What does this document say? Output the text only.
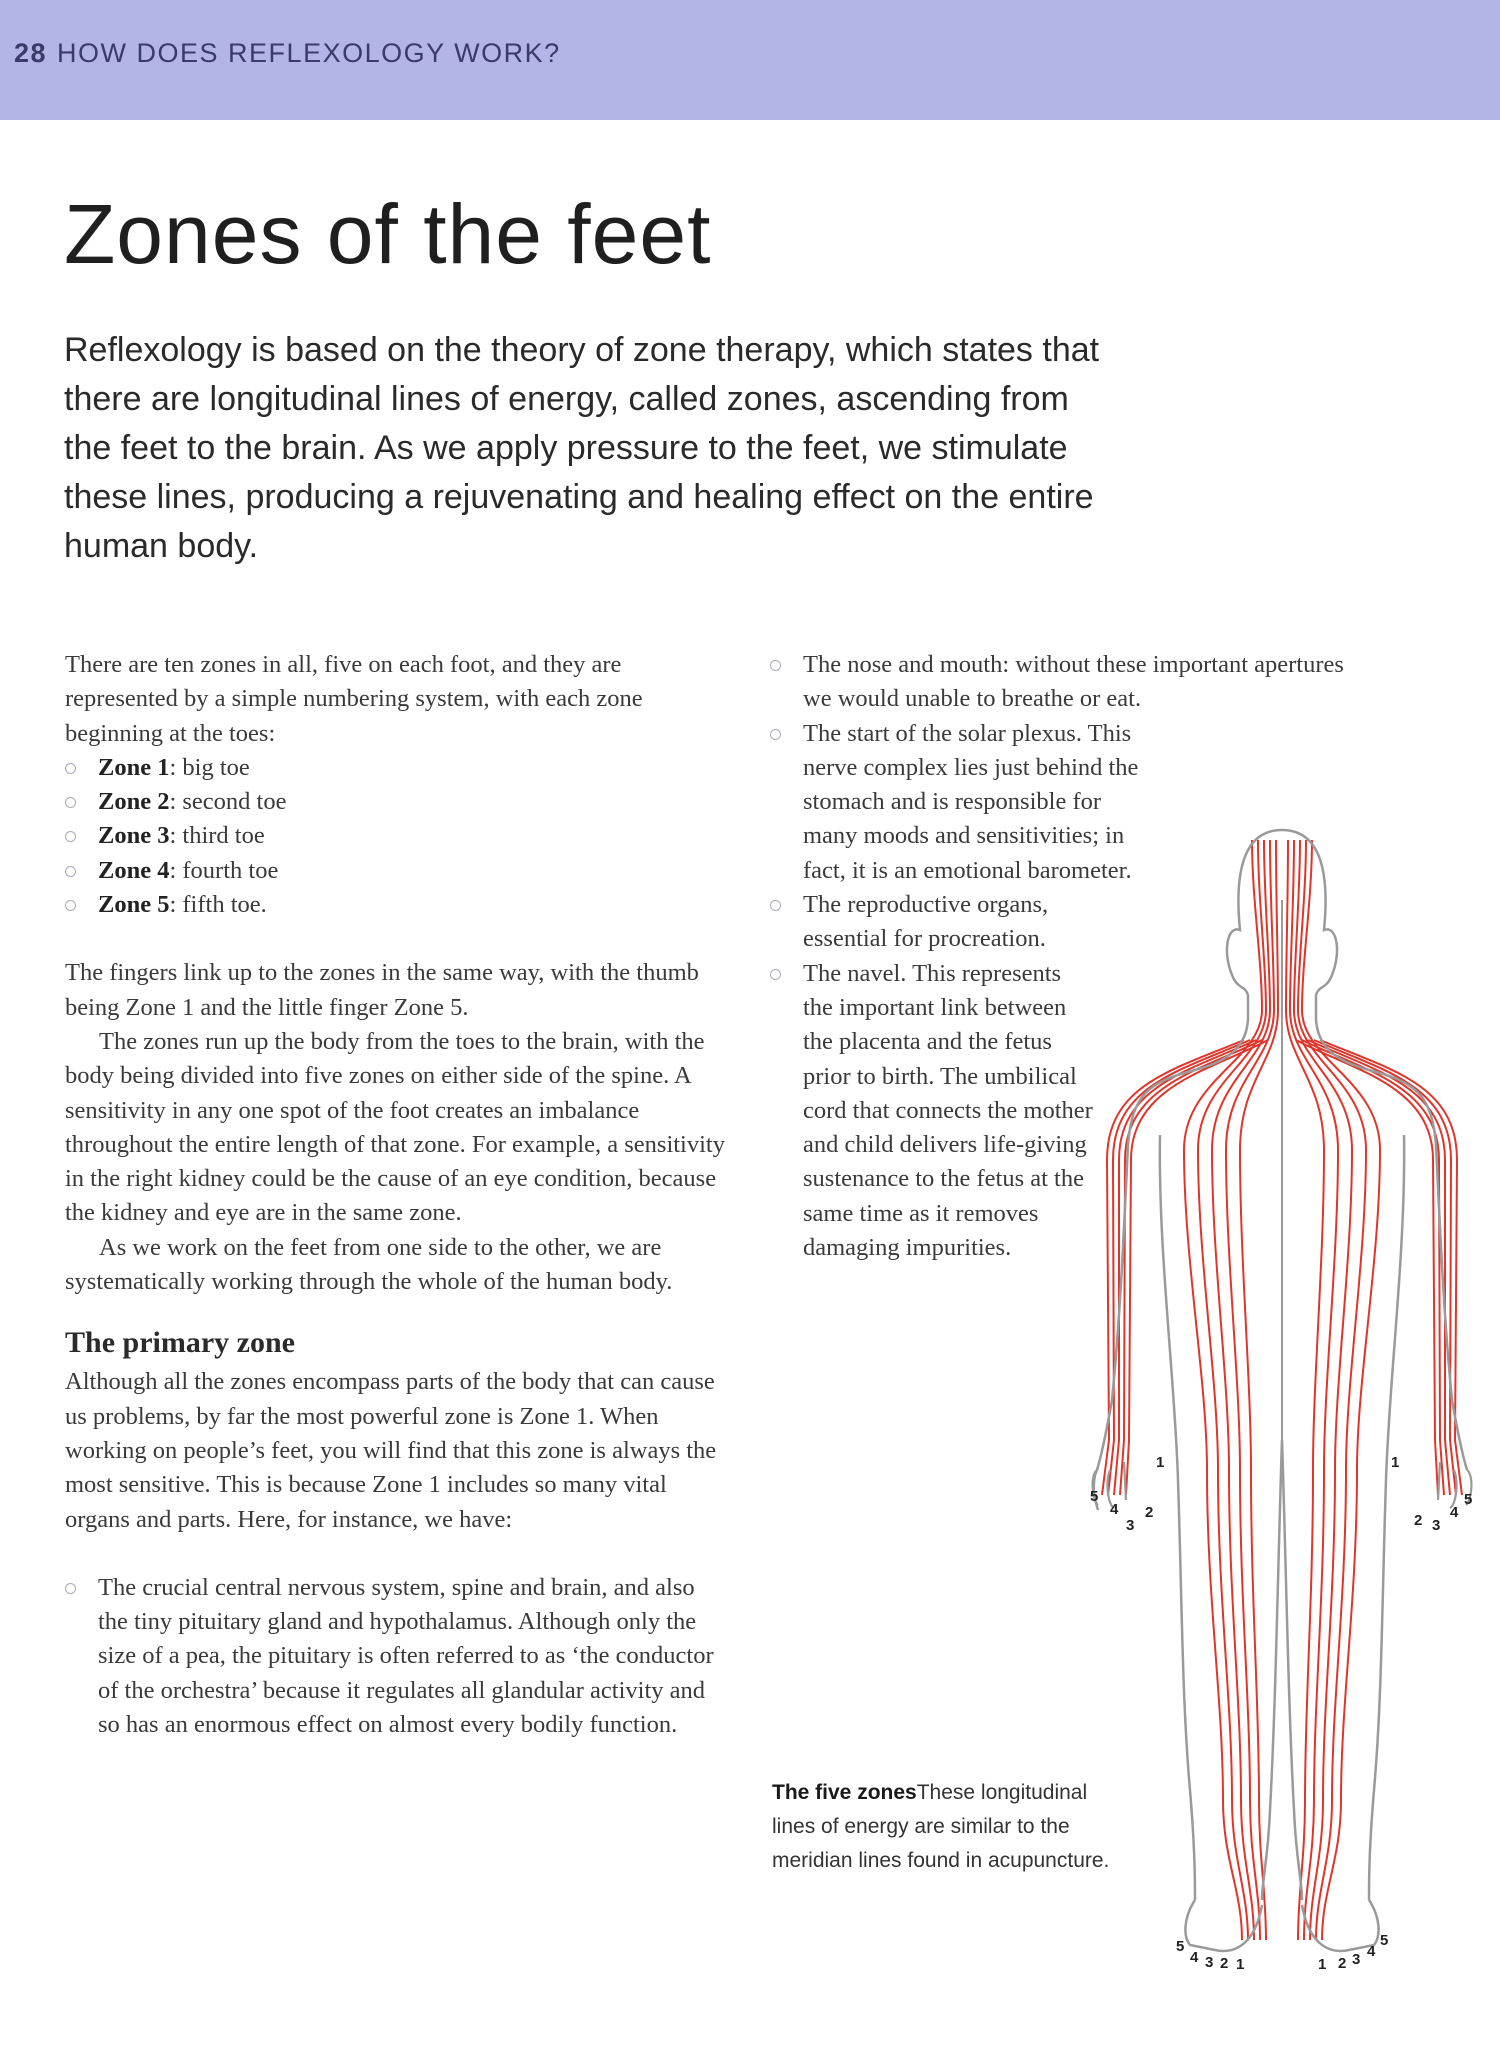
28 HOW DOES REFLEXOLOGY WORK?

Zones of the feet

Reflexology is based on the theory of zone therapy, which states that there are longitudinal lines of energy, called zones, ascending from the feet to the brain. As we apply pressure to the feet, we stimulate these lines, producing a rejuvenating and healing effect on the entire human body.

There are ten zones in all, five on each foot, and they are represented by a simple numbering system, with each zone beginning at the toes:

Zone 1: big toe
Zone 2: second toe
Zone 3: third toe
Zone 4: fourth toe
Zone 5: fifth toe.

The fingers link up to the zones in the same way, with the thumb being Zone 1 and the little finger Zone 5.

The zones run up the body from the toes to the brain, with the body being divided into five zones on either side of the spine. A sensitivity in any one spot of the foot creates an imbalance throughout the entire length of that zone. For example, a sensitivity in the right kidney could be the cause of an eye condition, because the kidney and eye are in the same zone.

As we work on the feet from one side to the other, we are systematically working through the whole of the human body.

The primary zone

Although all the zones encompass parts of the body that can cause us problems, by far the most powerful zone is Zone 1. When working on people’s feet, you will find that this zone is always the most sensitive. This is because Zone 1 includes so many vital organs and parts. Here, for instance, we have:

The crucial central nervous system, spine and brain, and also the tiny pituitary gland and hypothalamus. Although only the size of a pea, the pituitary is often referred to as ‘the conductor of the orchestra’ because it regulates all glandular activity and so has an enormous effect on almost every bodily function.
The nose and mouth: without these important apertures we would unable to breathe or eat.
The start of the solar plexus. This nerve complex lies just behind the stomach and is responsible for many moods and sensitivities; in fact, it is an emotional barometer.
The reproductive organs, essential for procreation.
The navel. This represents the important link between the placenta and the fetus prior to birth. The umbilical cord that connects the mother and child delivers life-giving sustenance to the fetus at the same time as it removes damaging impurities.
1
2
3
4
5
1
2 3
4
5
1
2
3
4
5
1 2 3 4
5
The five zonesThese longitudinal lines of energy are similar to the meridian lines found in acupuncture.
